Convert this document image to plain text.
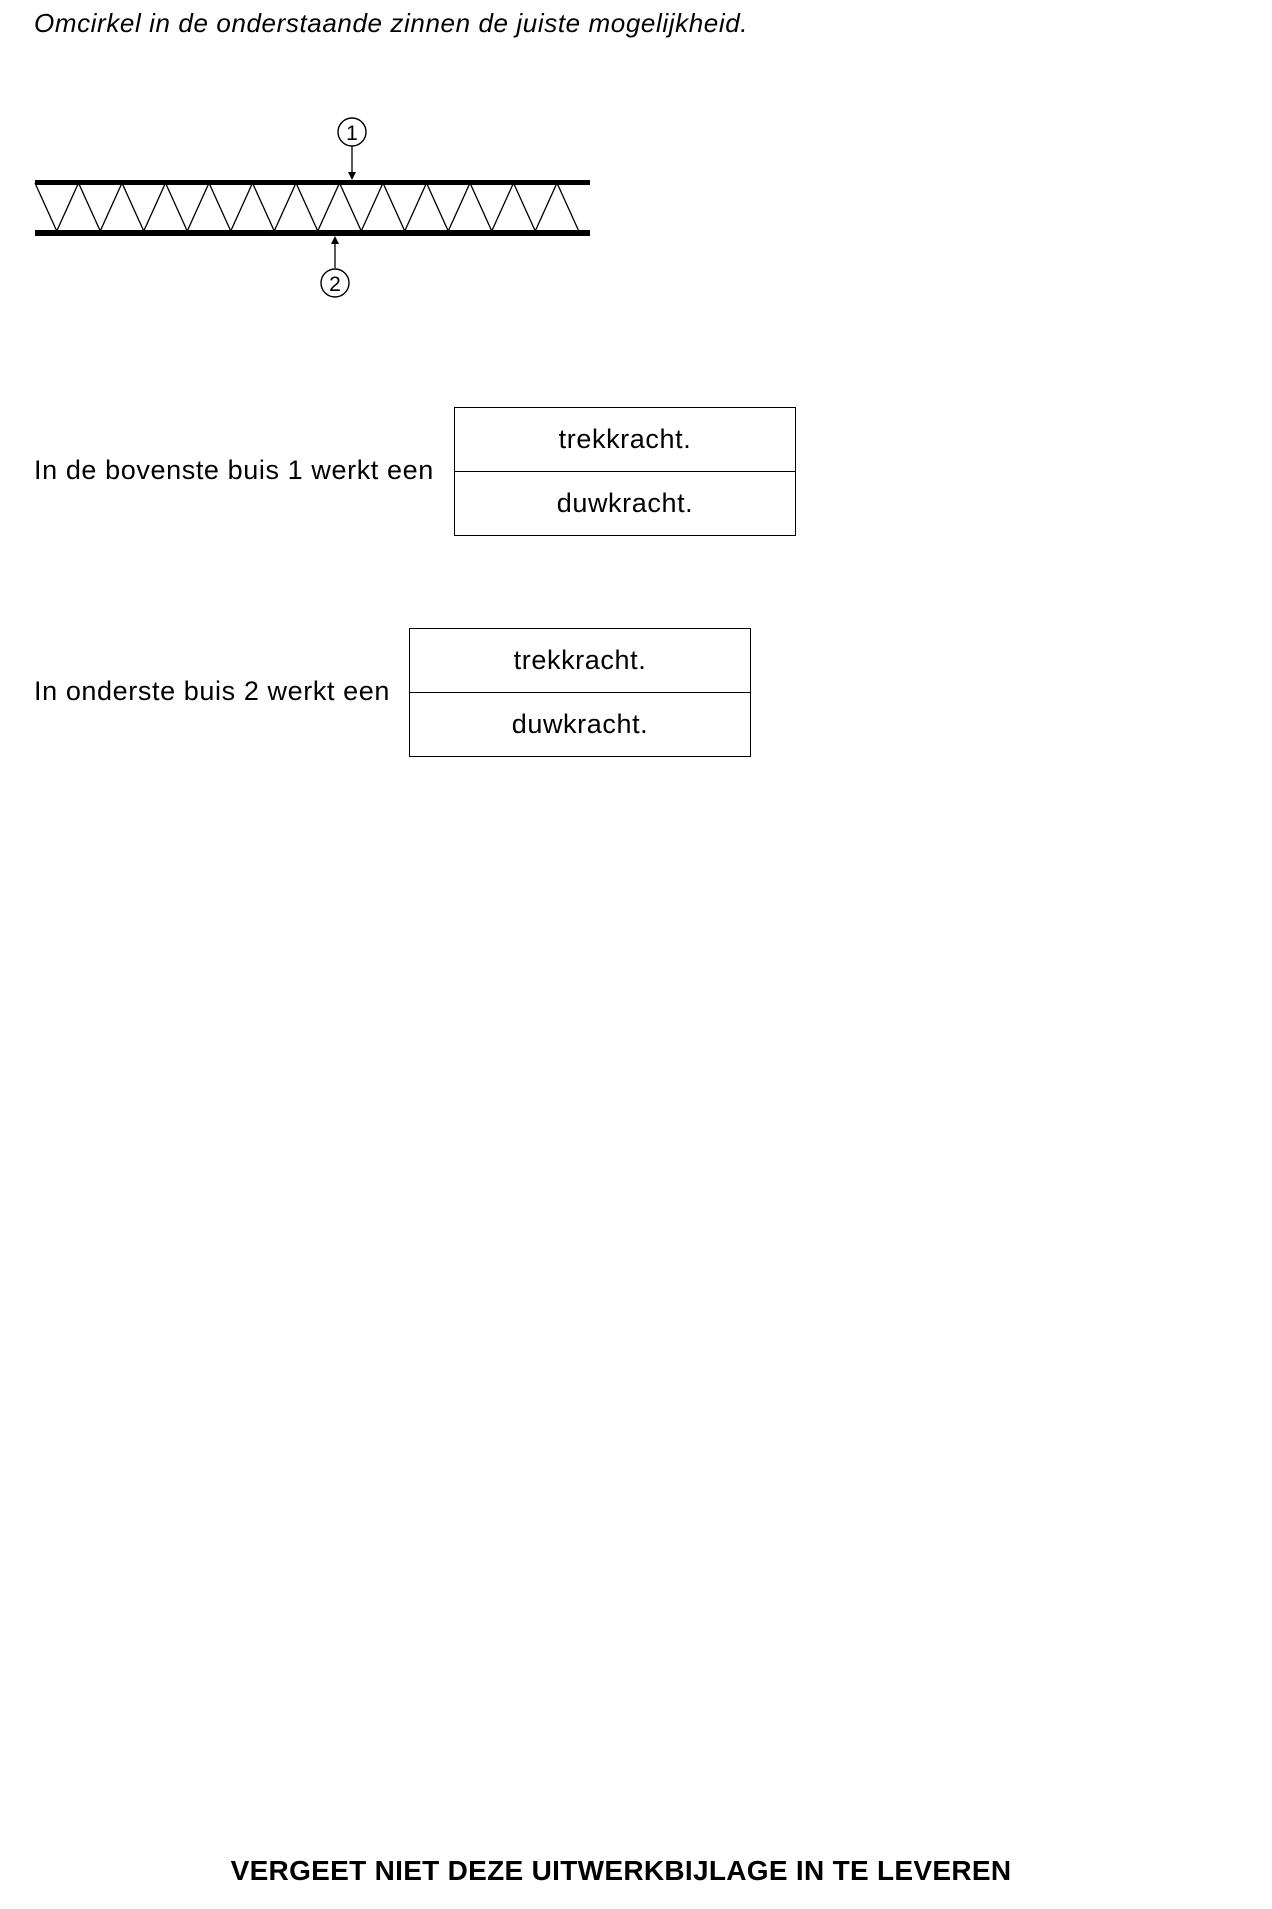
Omcirkel in de onderstaande zinnen de juiste mogelijkheid.
1
2
In de bovenste buis 1 werkt een
trekkracht.
duwkracht.
In onderste buis 2 werkt een
trekkracht.
duwkracht.
VERGEET NIET DEZE UITWERKBIJLAGE IN TE LEVEREN
